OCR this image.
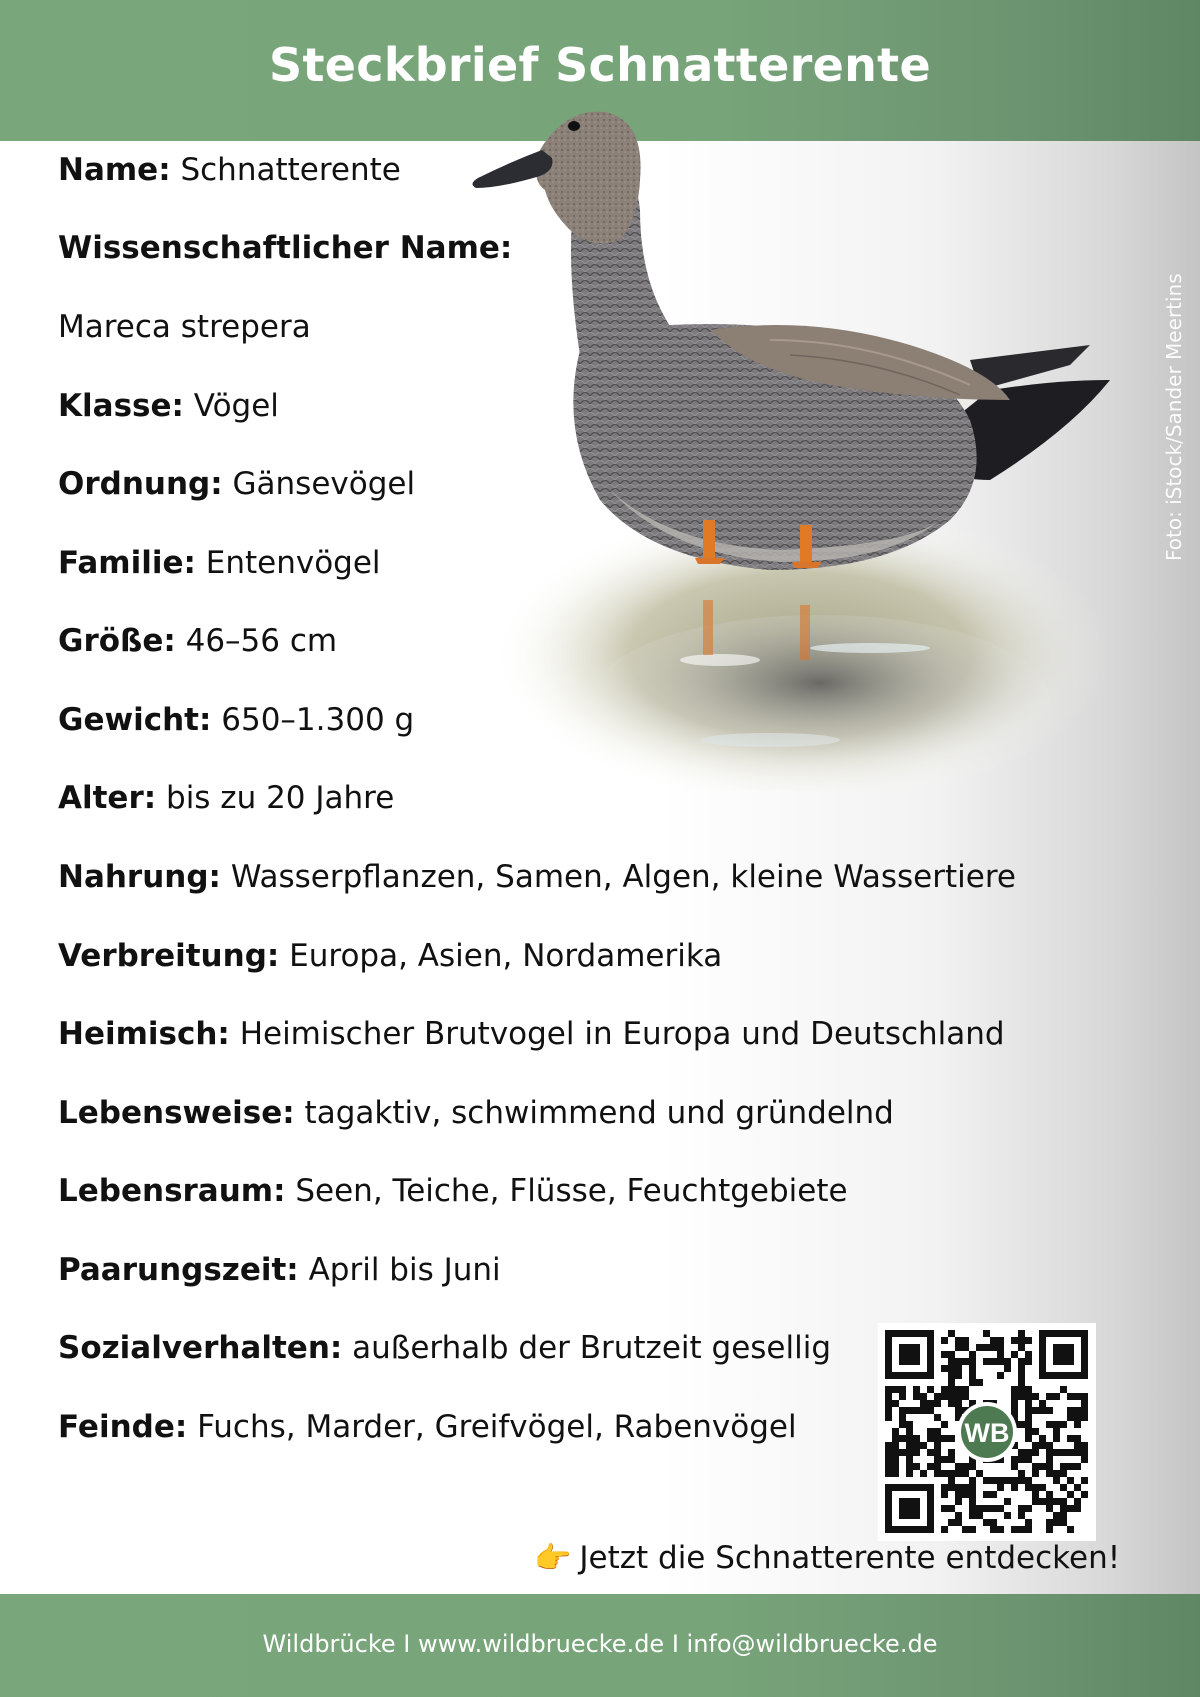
Steckbrief Schnatterente
Foto: iStock/Sander Meertins
Name: Schnatterente
Wissenschaftlicher Name:
Mareca strepera
Klasse: Vögel
Ordnung: Gänsevögel
Familie: Entenvögel
Größe: 46–56 cm
Gewicht: 650–1.300 g
Alter: bis zu 20 Jahre
Nahrung: Wasserpflanzen, Samen, Algen, kleine Wassertiere
Verbreitung: Europa, Asien, Nordamerika
Heimisch: Heimischer Brutvogel in Europa und Deutschland
Lebensweise: tagaktiv, schwimmend und gründelnd
Lebensraum: Seen, Teiche, Flüsse, Feuchtgebiete
Paarungszeit: April bis Juni
Sozialverhalten: außerhalb der Brutzeit gesellig
Feinde: Fuchs, Marder, Greifvögel, Rabenvögel	WB
👉 Jetzt die Schnatterente entdecken!

Wildbrücke I www.wildbruecke.de I info@wildbruecke.de
